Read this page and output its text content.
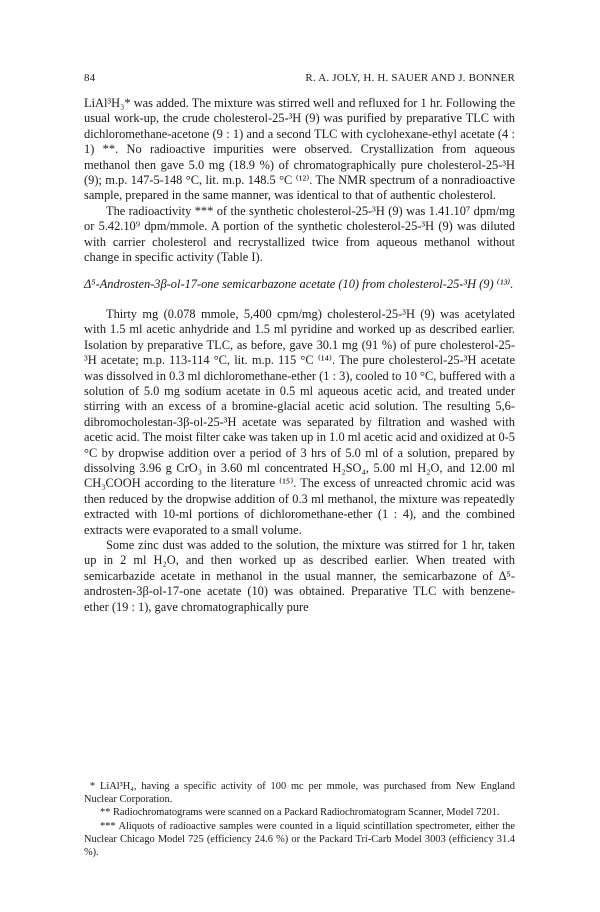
84	R. A. JOLY, H. H. SAUER AND J. BONNER

LiAl³H₃* was added. The mixture was stirred well and refluxed for 1 hr. Following the usual work-up, the crude cholesterol-25-³H (9) was purified by preparative TLC with dichloromethane-acetone (9 : 1) and a second TLC with cyclohexane-ethyl acetate (4 : 1) **. No radioactive impurities were observed. Crystallization from aqueous methanol then gave 5.0 mg (18.9 %) of chromatographically pure cholesterol-25-³H (9); m.p. 147-5-148 °C, lit. m.p. 148.5 °C ⁽¹²⁾. The NMR spectrum of a nonradioactive sample, prepared in the same manner, was identical to that of authentic cholesterol.

The radioactivity *** of the synthetic cholesterol-25-³H (9) was 1.41.10⁷ dpm/mg or 5.42.10⁹ dpm/mmole. A portion of the synthetic cholesterol-25-³H (9) was diluted with carrier cholesterol and recrystallized twice from aqueous methanol without change in specific activity (Table I).

Δ⁵-Androsten-3β-ol-17-one semicarbazone acetate (10) from cholesterol-25-³H (9) ⁽¹³⁾.

Thirty mg (0.078 mmole, 5,400 cpm/mg) cholesterol-25-³H (9) was acetylated with 1.5 ml acetic anhydride and 1.5 ml pyridine and worked up as described earlier. Isolation by preparative TLC, as before, gave 30.1 mg (91 %) of pure cholesterol-25-³H acetate; m.p. 113-114 °C, lit. m.p. 115 °C ⁽¹⁴⁾. The pure cholesterol-25-³H acetate was dissolved in 0.3 ml dichloromethane-ether (1 : 3), cooled to 10 °C, buffered with a solution of 5.0 mg sodium acetate in 0.5 ml aqueous acetic acid, and treated under stirring with an excess of a bromine-glacial acetic acid solution. The resulting 5,6-dibromocholestan-3β-ol-25-³H acetate was separated by filtration and washed with acetic acid. The moist filter cake was taken up in 1.0 ml acetic acid and oxidized at 0-5 °C by dropwise addition over a period of 3 hrs of 5.0 ml of a solution, prepared by dissolving 3.96 g CrO₃ in 3.60 ml concentrated H₂SO₄, 5.00 ml H₂O, and 12.00 ml CH₃COOH according to the literature ⁽¹⁵⁾. The excess of unreacted chromic acid was then reduced by the dropwise addition of 0.3 ml methanol, the mixture was repeatedly extracted with 10-ml portions of dichloromethane-ether (1 : 4), and the combined extracts were evaporated to a small volume.

Some zinc dust was added to the solution, the mixture was stirred for 1 hr, taken up in 2 ml H₂O, and then worked up as described earlier. When treated with semicarbazide acetate in methanol in the usual manner, the semicarbazone of Δ⁵-androsten-3β-ol-17-one acetate (10) was obtained. Preparative TLC with benzene-ether (19 : 1), gave chromatographically pure

* LiAl³H₄, having a specific activity of 100 mc per mmole, was purchased from New England Nuclear Corporation.

** Radiochromatograms were scanned on a Packard Radiochromatogram Scanner, Model 7201.

*** Aliquots of radioactive samples were counted in a liquid scintillation spectrometer, either the Nuclear Chicago Model 725 (efficiency 24.6 %) or the Packard Tri-Carb Model 3003 (efficiency 31.4 %).
